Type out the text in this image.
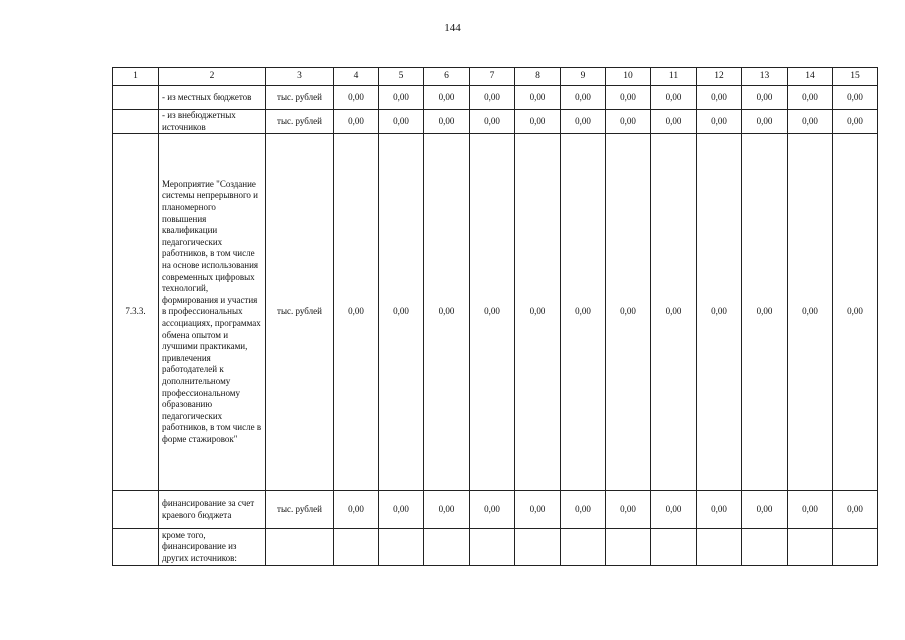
144
1	2	3	4	5	6	7	8	9	10	11	12	13	14	15
	- из местных бюджетов	тыс. рублей	0,00	0,00	0,00	0,00	0,00	0,00	0,00	0,00	0,00	0,00	0,00	0,00
	- из внебюджетных источников	тыс. рублей	0,00	0,00	0,00	0,00	0,00	0,00	0,00	0,00	0,00	0,00	0,00	0,00
7.3.3.	Мероприятие "Создание системы непрерывного и планомерного повышения квалификации педагогических работников, в том числе на основе использования современных цифровых технологий, формирования и участия в профессиональных ассоциациях, программах обмена опытом и лучшими практиками, привлечения работодателей к дополнительному профессиональному образованию педагогических работников, в том числе в форме стажировок"	тыс. рублей	0,00	0,00	0,00	0,00	0,00	0,00	0,00	0,00	0,00	0,00	0,00	0,00
	финансирование за счет краевого бюджета	тыс. рублей	0,00	0,00	0,00	0,00	0,00	0,00	0,00	0,00	0,00	0,00	0,00	0,00
	кроме того, финансирование из других источников:													
